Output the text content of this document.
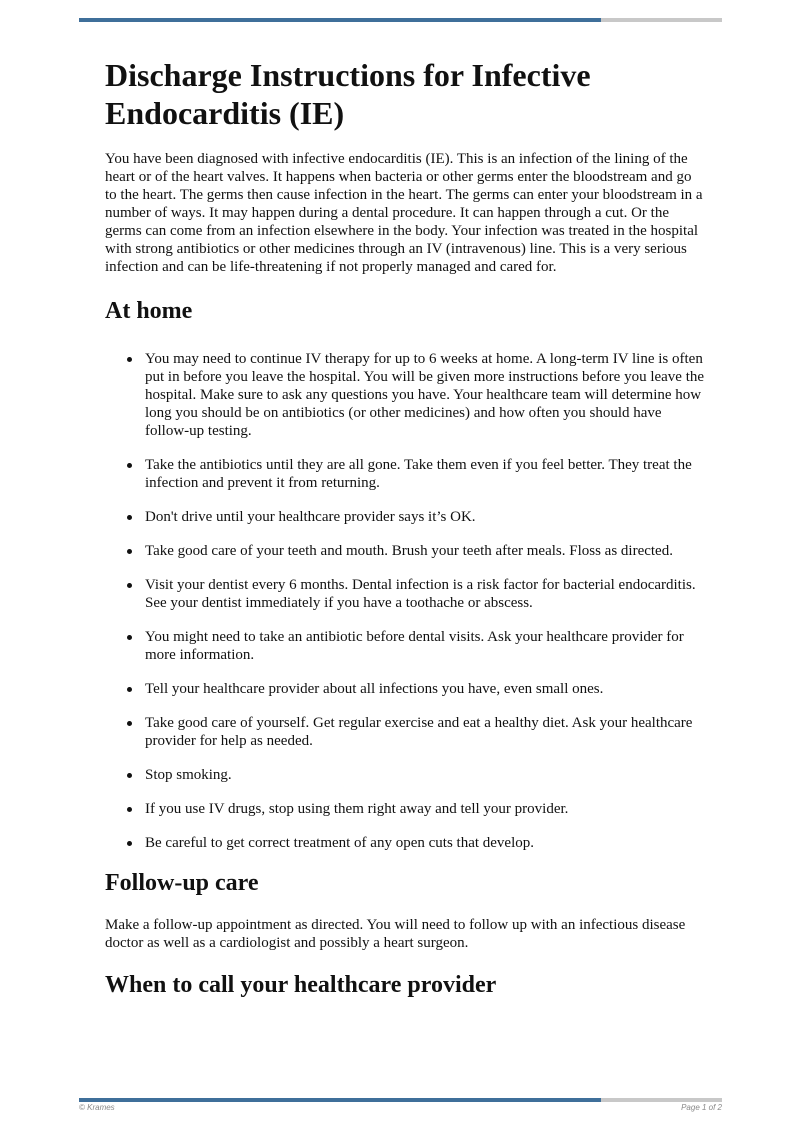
Discharge Instructions for Infective Endocarditis (IE)

You have been diagnosed with infective endocarditis (IE). This is an infection of the lining of the heart or of the heart valves. It happens when bacteria or other germs enter the bloodstream and go to the heart. The germs then cause infection in the heart. The germs can enter your bloodstream in a number of ways. It may happen during a dental procedure. It can happen through a cut. Or the germs can come from an infection elsewhere in the body. Your infection was treated in the hospital with strong antibiotics or other medicines through an IV (intravenous) line. This is a very serious infection and can be life-threatening if not properly managed and cared for.

At home
You may need to continue IV therapy for up to 6 weeks at home. A long-term IV line is often put in before you leave the hospital. You will be given more instructions before you leave the hospital. Make sure to ask any questions you have. Your healthcare team will determine how long you should be on antibiotics (or other medicines) and how often you should have follow-up testing.
Take the antibiotics until they are all gone. Take them even if you feel better. They treat the infection and prevent it from returning.
Don't drive until your healthcare provider says it’s OK.
Take good care of your teeth and mouth. Brush your teeth after meals. Floss as directed.
Visit your dentist every 6 months. Dental infection is a risk factor for bacterial endocarditis. See your dentist immediately if you have a toothache or abscess.
You might need to take an antibiotic before dental visits. Ask your healthcare provider for more information.
Tell your healthcare provider about all infections you have, even small ones.
Take good care of yourself. Get regular exercise and eat a healthy diet. Ask your healthcare provider for help as needed.
Stop smoking.
If you use IV drugs, stop using them right away and tell your provider.
Be careful to get correct treatment of any open cuts that develop.
Follow-up care

Make a follow-up appointment as directed. You will need to follow up with an infectious disease doctor as well as a cardiologist and possibly a heart surgeon.

When to call your healthcare provider
© Krames	Page 1 of 2
